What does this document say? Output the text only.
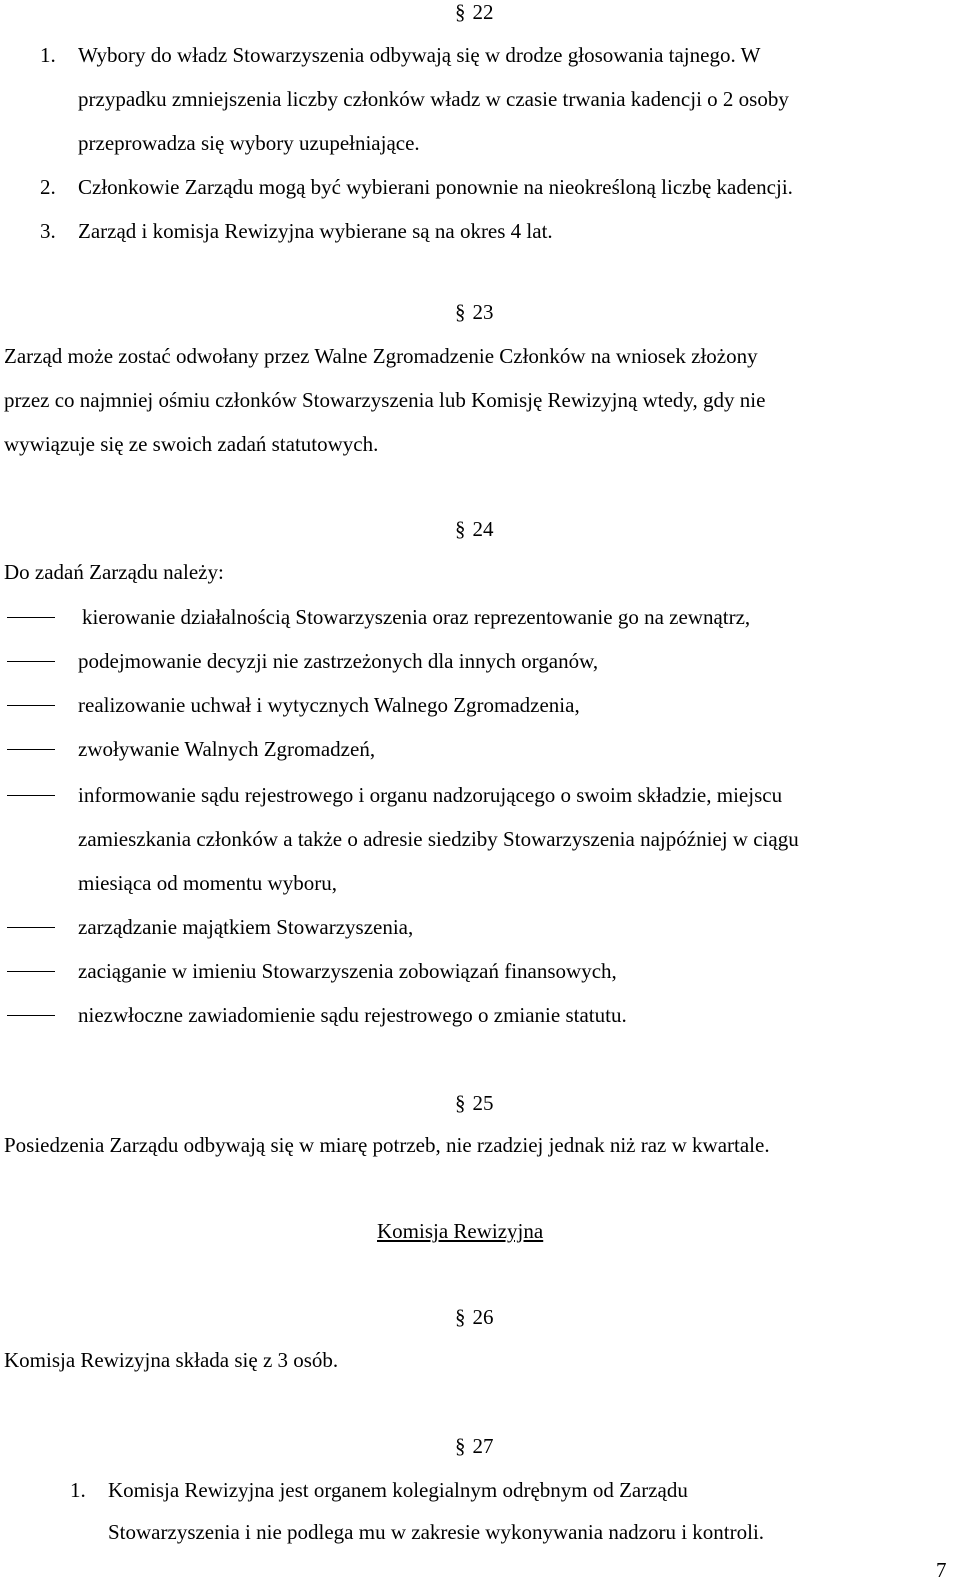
§ 22
1. Wybory do władz Stowarzyszenia odbywają się w drodze głosowania tajnego. W
przypadku zmniejszenia liczby członków władz w czasie trwania kadencji o 2 osoby
przeprowadza się wybory uzupełniające.
2. Członkowie Zarządu mogą być wybierani ponownie na nieokreśloną liczbę kadencji.
3. Zarząd i komisja Rewizyjna wybierane są na okres 4 lat.
§ 23
Zarząd może zostać odwołany przez Walne Zgromadzenie Członków na wniosek złożony
przez co najmniej ośmiu członków Stowarzyszenia lub Komisję Rewizyjną wtedy, gdy nie
wywiązuje się ze swoich zadań statutowych.
§ 24
Do zadań Zarządu należy:
kierowanie działalnością Stowarzyszenia oraz reprezentowanie go na zewnątrz,
podejmowanie decyzji nie zastrzeżonych dla innych organów,
realizowanie uchwał i wytycznych Walnego Zgromadzenia,
zwoływanie Walnych Zgromadzeń,
informowanie sądu rejestrowego i organu nadzorującego o swoim składzie, miejscu
zamieszkania członków a także o adresie siedziby Stowarzyszenia najpóźniej w ciągu
miesiąca od momentu wyboru,
zarządzanie majątkiem Stowarzyszenia,
zaciąganie w imieniu Stowarzyszenia zobowiązań finansowych,
niezwłoczne zawiadomienie sądu rejestrowego o zmianie statutu.
§ 25
Posiedzenia Zarządu odbywają się w miarę potrzeb, nie rzadziej jednak niż raz w kwartale.
Komisja Rewizyjna
§ 26
Komisja Rewizyjna składa się z 3 osób.
§ 27
1. Komisja Rewizyjna jest organem kolegialnym odrębnym od Zarządu
Stowarzyszenia i nie podlega mu w zakresie wykonywania nadzoru i kontroli.
7
